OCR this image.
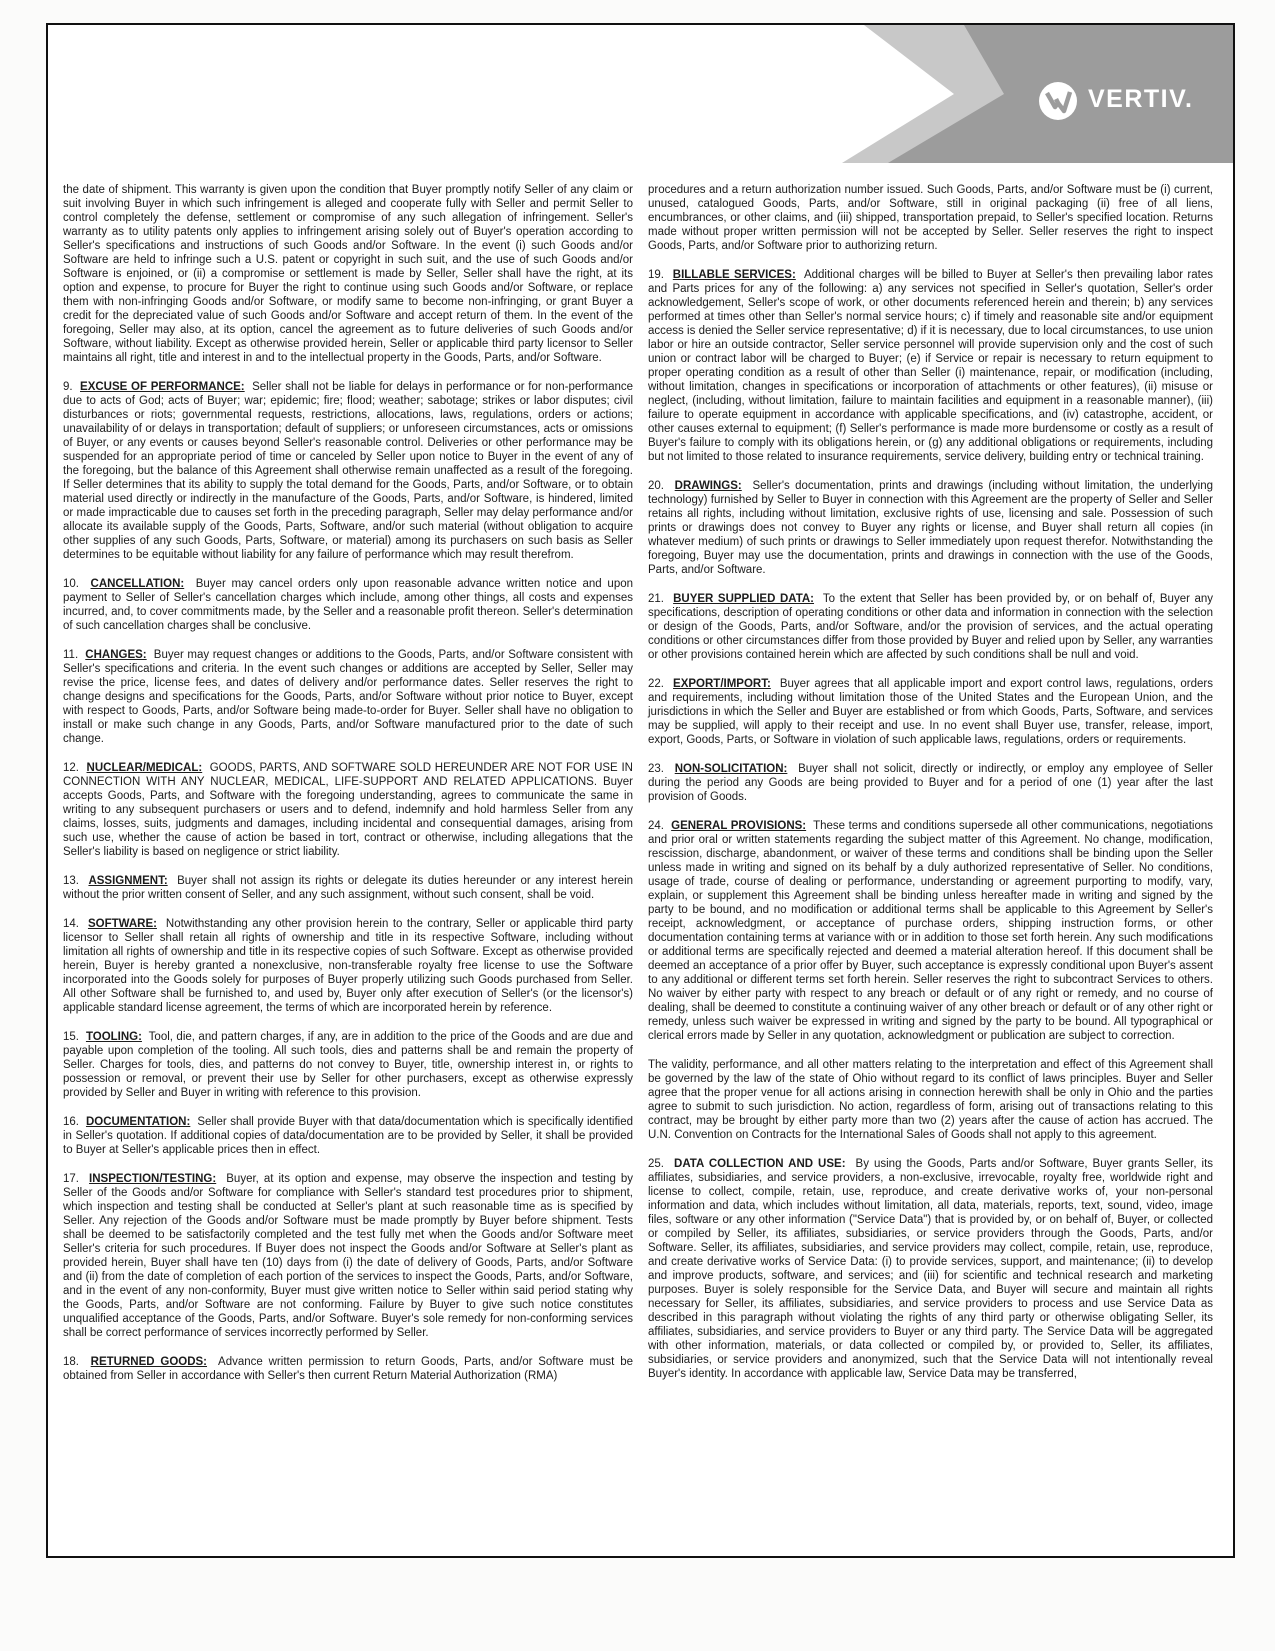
VERTIV.

the date of shipment. This warranty is given upon the condition that Buyer promptly notify Seller of any claim or suit involving Buyer in which such infringement is alleged and cooperate fully with Seller and permit Seller to control completely the defense, settlement or compromise of any such allegation of infringement. Seller's warranty as to utility patents only applies to infringement arising solely out of Buyer's operation according to Seller's specifications and instructions of such Goods and/or Software. In the event (i) such Goods and/or Software are held to infringe such a U.S. patent or copyright in such suit, and the use of such Goods and/or Software is enjoined, or (ii) a compromise or settlement is made by Seller, Seller shall have the right, at its option and expense, to procure for Buyer the right to continue using such Goods and/or Software, or replace them with non-infringing Goods and/or Software, or modify same to become non-infringing, or grant Buyer a credit for the depreciated value of such Goods and/or Software and accept return of them. In the event of the foregoing, Seller may also, at its option, cancel the agreement as to future deliveries of such Goods and/or Software, without liability. Except as otherwise provided herein, Seller or applicable third party licensor to Seller maintains all right, title and interest in and to the intellectual property in the Goods, Parts, and/or Software.

9. EXCUSE OF PERFORMANCE: Seller shall not be liable for delays in performance or for non-performance due to acts of God; acts of Buyer; war; epidemic; fire; flood; weather; sabotage; strikes or labor disputes; civil disturbances or riots; governmental requests, restrictions, allocations, laws, regulations, orders or actions; unavailability of or delays in transportation; default of suppliers; or unforeseen circumstances, acts or omissions of Buyer, or any events or causes beyond Seller's reasonable control. Deliveries or other performance may be suspended for an appropriate period of time or canceled by Seller upon notice to Buyer in the event of any of the foregoing, but the balance of this Agreement shall otherwise remain unaffected as a result of the foregoing. If Seller determines that its ability to supply the total demand for the Goods, Parts, and/or Software, or to obtain material used directly or indirectly in the manufacture of the Goods, Parts, and/or Software, is hindered, limited or made impracticable due to causes set forth in the preceding paragraph, Seller may delay performance and/or allocate its available supply of the Goods, Parts, Software, and/or such material (without obligation to acquire other supplies of any such Goods, Parts, Software, or material) among its purchasers on such basis as Seller determines to be equitable without liability for any failure of performance which may result therefrom.

10. CANCELLATION: Buyer may cancel orders only upon reasonable advance written notice and upon payment to Seller of Seller's cancellation charges which include, among other things, all costs and expenses incurred, and, to cover commitments made, by the Seller and a reasonable profit thereon. Seller's determination of such cancellation charges shall be conclusive.

11. CHANGES: Buyer may request changes or additions to the Goods, Parts, and/or Software consistent with Seller's specifications and criteria. In the event such changes or additions are accepted by Seller, Seller may revise the price, license fees, and dates of delivery and/or performance dates. Seller reserves the right to change designs and specifications for the Goods, Parts, and/or Software without prior notice to Buyer, except with respect to Goods, Parts, and/or Software being made-to-order for Buyer. Seller shall have no obligation to install or make such change in any Goods, Parts, and/or Software manufactured prior to the date of such change.

12. NUCLEAR/MEDICAL: GOODS, PARTS, AND SOFTWARE SOLD HEREUNDER ARE NOT FOR USE IN CONNECTION WITH ANY NUCLEAR, MEDICAL, LIFE-SUPPORT AND RELATED APPLICATIONS. Buyer accepts Goods, Parts, and Software with the foregoing understanding, agrees to communicate the same in writing to any subsequent purchasers or users and to defend, indemnify and hold harmless Seller from any claims, losses, suits, judgments and damages, including incidental and consequential damages, arising from such use, whether the cause of action be based in tort, contract or otherwise, including allegations that the Seller's liability is based on negligence or strict liability.

13. ASSIGNMENT: Buyer shall not assign its rights or delegate its duties hereunder or any interest herein without the prior written consent of Seller, and any such assignment, without such consent, shall be void.

14. SOFTWARE: Notwithstanding any other provision herein to the contrary, Seller or applicable third party licensor to Seller shall retain all rights of ownership and title in its respective Software, including without limitation all rights of ownership and title in its respective copies of such Software. Except as otherwise provided herein, Buyer is hereby granted a nonexclusive, non-transferable royalty free license to use the Software incorporated into the Goods solely for purposes of Buyer properly utilizing such Goods purchased from Seller. All other Software shall be furnished to, and used by, Buyer only after execution of Seller's (or the licensor's) applicable standard license agreement, the terms of which are incorporated herein by reference.

15. TOOLING: Tool, die, and pattern charges, if any, are in addition to the price of the Goods and are due and payable upon completion of the tooling. All such tools, dies and patterns shall be and remain the property of Seller. Charges for tools, dies, and patterns do not convey to Buyer, title, ownership interest in, or rights to possession or removal, or prevent their use by Seller for other purchasers, except as otherwise expressly provided by Seller and Buyer in writing with reference to this provision.

16. DOCUMENTATION: Seller shall provide Buyer with that data/documentation which is specifically identified in Seller's quotation. If additional copies of data/documentation are to be provided by Seller, it shall be provided to Buyer at Seller's applicable prices then in effect.

17. INSPECTION/TESTING: Buyer, at its option and expense, may observe the inspection and testing by Seller of the Goods and/or Software for compliance with Seller's standard test procedures prior to shipment, which inspection and testing shall be conducted at Seller's plant at such reasonable time as is specified by Seller. Any rejection of the Goods and/or Software must be made promptly by Buyer before shipment. Tests shall be deemed to be satisfactorily completed and the test fully met when the Goods and/or Software meet Seller's criteria for such procedures. If Buyer does not inspect the Goods and/or Software at Seller's plant as provided herein, Buyer shall have ten (10) days from (i) the date of delivery of Goods, Parts, and/or Software and (ii) from the date of completion of each portion of the services to inspect the Goods, Parts, and/or Software, and in the event of any non-conformity, Buyer must give written notice to Seller within said period stating why the Goods, Parts, and/or Software are not conforming. Failure by Buyer to give such notice constitutes unqualified acceptance of the Goods, Parts, and/or Software. Buyer's sole remedy for non-conforming services shall be correct performance of services incorrectly performed by Seller.

18. RETURNED GOODS: Advance written permission to return Goods, Parts, and/or Software must be obtained from Seller in accordance with Seller's then current Return Material Authorization (RMA)

procedures and a return authorization number issued. Such Goods, Parts, and/or Software must be (i) current, unused, catalogued Goods, Parts, and/or Software, still in original packaging (ii) free of all liens, encumbrances, or other claims, and (iii) shipped, transportation prepaid, to Seller's specified location. Returns made without proper written permission will not be accepted by Seller. Seller reserves the right to inspect Goods, Parts, and/or Software prior to authorizing return.

19. BILLABLE SERVICES: Additional charges will be billed to Buyer at Seller's then prevailing labor rates and Parts prices for any of the following: a) any services not specified in Seller's quotation, Seller's order acknowledgement, Seller's scope of work, or other documents referenced herein and therein; b) any services performed at times other than Seller's normal service hours; c) if timely and reasonable site and/or equipment access is denied the Seller service representative; d) if it is necessary, due to local circumstances, to use union labor or hire an outside contractor, Seller service personnel will provide supervision only and the cost of such union or contract labor will be charged to Buyer; (e) if Service or repair is necessary to return equipment to proper operating condition as a result of other than Seller (i) maintenance, repair, or modification (including, without limitation, changes in specifications or incorporation of attachments or other features), (ii) misuse or neglect, (including, without limitation, failure to maintain facilities and equipment in a reasonable manner), (iii) failure to operate equipment in accordance with applicable specifications, and (iv) catastrophe, accident, or other causes external to equipment; (f) Seller's performance is made more burdensome or costly as a result of Buyer's failure to comply with its obligations herein, or (g) any additional obligations or requirements, including but not limited to those related to insurance requirements, service delivery, building entry or technical training.

20. DRAWINGS: Seller's documentation, prints and drawings (including without limitation, the underlying technology) furnished by Seller to Buyer in connection with this Agreement are the property of Seller and Seller retains all rights, including without limitation, exclusive rights of use, licensing and sale. Possession of such prints or drawings does not convey to Buyer any rights or license, and Buyer shall return all copies (in whatever medium) of such prints or drawings to Seller immediately upon request therefor. Notwithstanding the foregoing, Buyer may use the documentation, prints and drawings in connection with the use of the Goods, Parts, and/or Software.

21. BUYER SUPPLIED DATA: To the extent that Seller has been provided by, or on behalf of, Buyer any specifications, description of operating conditions or other data and information in connection with the selection or design of the Goods, Parts, and/or Software, and/or the provision of services, and the actual operating conditions or other circumstances differ from those provided by Buyer and relied upon by Seller, any warranties or other provisions contained herein which are affected by such conditions shall be null and void.

22. EXPORT/IMPORT: Buyer agrees that all applicable import and export control laws, regulations, orders and requirements, including without limitation those of the United States and the European Union, and the jurisdictions in which the Seller and Buyer are established or from which Goods, Parts, Software, and services may be supplied, will apply to their receipt and use. In no event shall Buyer use, transfer, release, import, export, Goods, Parts, or Software in violation of such applicable laws, regulations, orders or requirements.

23. NON-SOLICITATION: Buyer shall not solicit, directly or indirectly, or employ any employee of Seller during the period any Goods are being provided to Buyer and for a period of one (1) year after the last provision of Goods.

24. GENERAL PROVISIONS: These terms and conditions supersede all other communications, negotiations and prior oral or written statements regarding the subject matter of this Agreement. No change, modification, rescission, discharge, abandonment, or waiver of these terms and conditions shall be binding upon the Seller unless made in writing and signed on its behalf by a duly authorized representative of Seller. No conditions, usage of trade, course of dealing or performance, understanding or agreement purporting to modify, vary, explain, or supplement this Agreement shall be binding unless hereafter made in writing and signed by the party to be bound, and no modification or additional terms shall be applicable to this Agreement by Seller's receipt, acknowledgment, or acceptance of purchase orders, shipping instruction forms, or other documentation containing terms at variance with or in addition to those set forth herein. Any such modifications or additional terms are specifically rejected and deemed a material alteration hereof. If this document shall be deemed an acceptance of a prior offer by Buyer, such acceptance is expressly conditional upon Buyer's assent to any additional or different terms set forth herein. Seller reserves the right to subcontract Services to others. No waiver by either party with respect to any breach or default or of any right or remedy, and no course of dealing, shall be deemed to constitute a continuing waiver of any other breach or default or of any other right or remedy, unless such waiver be expressed in writing and signed by the party to be bound. All typographical or clerical errors made by Seller in any quotation, acknowledgment or publication are subject to correction.

The validity, performance, and all other matters relating to the interpretation and effect of this Agreement shall be governed by the law of the state of Ohio without regard to its conflict of laws principles. Buyer and Seller agree that the proper venue for all actions arising in connection herewith shall be only in Ohio and the parties agree to submit to such jurisdiction. No action, regardless of form, arising out of transactions relating to this contract, may be brought by either party more than two (2) years after the cause of action has accrued. The U.N. Convention on Contracts for the International Sales of Goods shall not apply to this agreement.

25. DATA COLLECTION AND USE: By using the Goods, Parts and/or Software, Buyer grants Seller, its affiliates, subsidiaries, and service providers, a non-exclusive, irrevocable, royalty free, worldwide right and license to collect, compile, retain, use, reproduce, and create derivative works of, your non-personal information and data, which includes without limitation, all data, materials, reports, text, sound, video, image files, software or any other information ("Service Data") that is provided by, or on behalf of, Buyer, or collected or compiled by Seller, its affiliates, subsidiaries, or service providers through the Goods, Parts, and/or Software. Seller, its affiliates, subsidiaries, and service providers may collect, compile, retain, use, reproduce, and create derivative works of Service Data: (i) to provide services, support, and maintenance; (ii) to develop and improve products, software, and services; and (iii) for scientific and technical research and marketing purposes. Buyer is solely responsible for the Service Data, and Buyer will secure and maintain all rights necessary for Seller, its affiliates, subsidiaries, and service providers to process and use Service Data as described in this paragraph without violating the rights of any third party or otherwise obligating Seller, its affiliates, subsidiaries, and service providers to Buyer or any third party. The Service Data will be aggregated with other information, materials, or data collected or compiled by, or provided to, Seller, its affiliates, subsidiaries, or service providers and anonymized, such that the Service Data will not intentionally reveal Buyer's identity. In accordance with applicable law, Service Data may be transferred,
